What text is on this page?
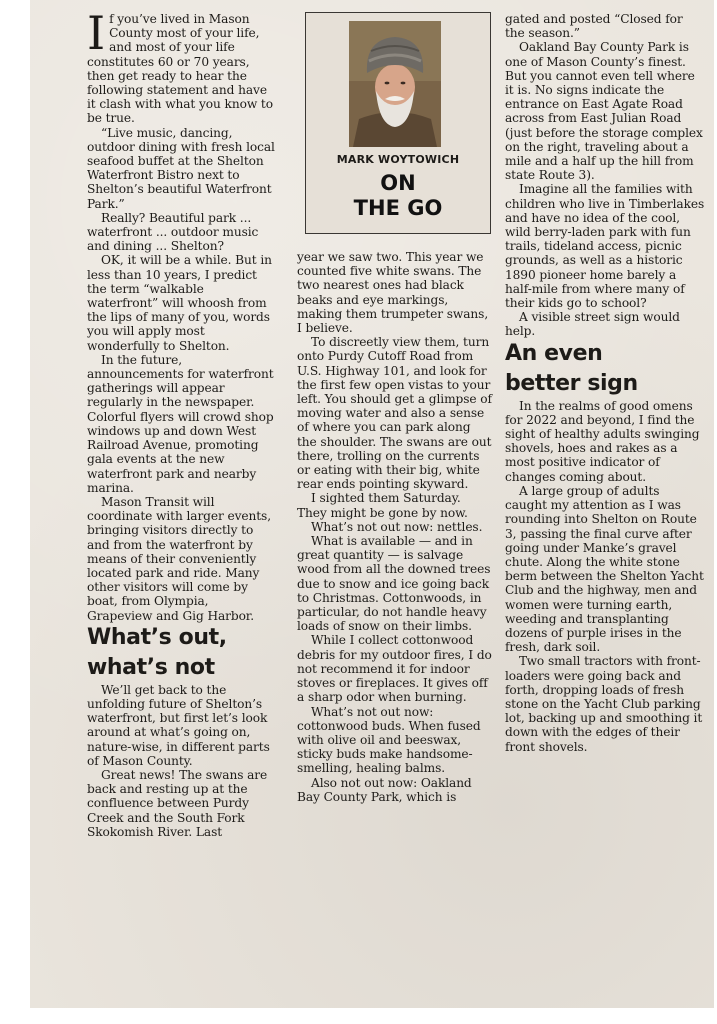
MARK WOYTOWICH
ON
THE GO

If you’ve lived in Mason County most of your life, and most of your life constitutes 60 or 70 years, then get ready to hear the following statement and have it clash with what you know to be true.

“Live music, dancing, outdoor dining with fresh local seafood buffet at the Shelton Waterfront Bistro next to Shelton’s beautiful Waterfront Park.”

Really? Beautiful park ... waterfront ... outdoor music and dining ... Shelton?

OK, it will be a while. But in less than 10 years, I predict the term “walkable waterfront” will whoosh from the lips of many of you, words you will apply most wonderfully to Shelton.

In the future, announcements for waterfront gatherings will appear regularly in the newspaper. Colorful flyers will crowd shop windows up and down West Railroad Avenue, promoting gala events at the new waterfront park and nearby marina.

Mason Transit will coordinate with larger events, bringing visitors directly to and from the waterfront by means of their conveniently located park and ride. Many other visitors will come by boat, from Olympia, Grapeview and Gig Harbor.

What’s out,
what’s not

We’ll get back to the unfolding future of Shelton’s waterfront, but first let’s look around at what’s going on, nature-wise, in different parts of Mason County.

Great news! The swans are back and resting up at the confluence between Purdy Creek and the South Fork Skokomish River. Last

year we saw two. This year we counted five white swans. The two nearest ones had black beaks and eye markings, making them trumpeter swans, I believe.

To discreetly view them, turn onto Purdy Cutoff Road from U.S. Highway 101, and look for the first few open vistas to your left. You should get a glimpse of moving water and also a sense of where you can park along the shoulder. The swans are out there, trolling on the currents or eating with their big, white rear ends pointing skyward.

I sighted them Saturday. They might be gone by now.

What’s not out now: nettles.

What is available — and in great quantity — is salvage wood from all the downed trees due to snow and ice going back to Christmas. Cottonwoods, in particular, do not handle heavy loads of snow on their limbs.

While I collect cottonwood debris for my outdoor fires, I do not recommend it for indoor stoves or fireplaces. It gives off a sharp odor when burning.

What’s not out now: cottonwood buds. When fused with olive oil and beeswax, sticky buds make handsome-smelling, healing balms.

Also not out now: Oakland Bay County Park, which is

gated and posted “Closed for the season.”

Oakland Bay County Park is one of Mason County’s finest. But you cannot even tell where it is. No signs indicate the entrance on East Agate Road across from East Julian Road (just before the storage complex on the right, traveling about a mile and a half up the hill from state Route 3).

Imagine all the families with children who live in Timberlakes and have no idea of the cool, wild berry-laden park with fun trails, tideland access, picnic grounds, as well as a historic 1890 pioneer home barely a half-mile from where many of their kids go to school?

A visible street sign would help.

An even
better sign

In the realms of good omens for 2022 and beyond, I find the sight of healthy adults swinging shovels, hoes and rakes as a most positive indicator of changes coming about.

A large group of adults caught my attention as I was rounding into Shelton on Route 3, passing the final curve after going under Manke’s gravel chute. Along the white stone berm between the Shelton Yacht Club and the highway, men and women were turning earth, weeding and transplanting dozens of purple irises in the fresh, dark soil.

Two small tractors with front-loaders were going back and forth, dropping loads of fresh stone on the Yacht Club parking lot, backing up and smoothing it down with the edges of their front shovels.
